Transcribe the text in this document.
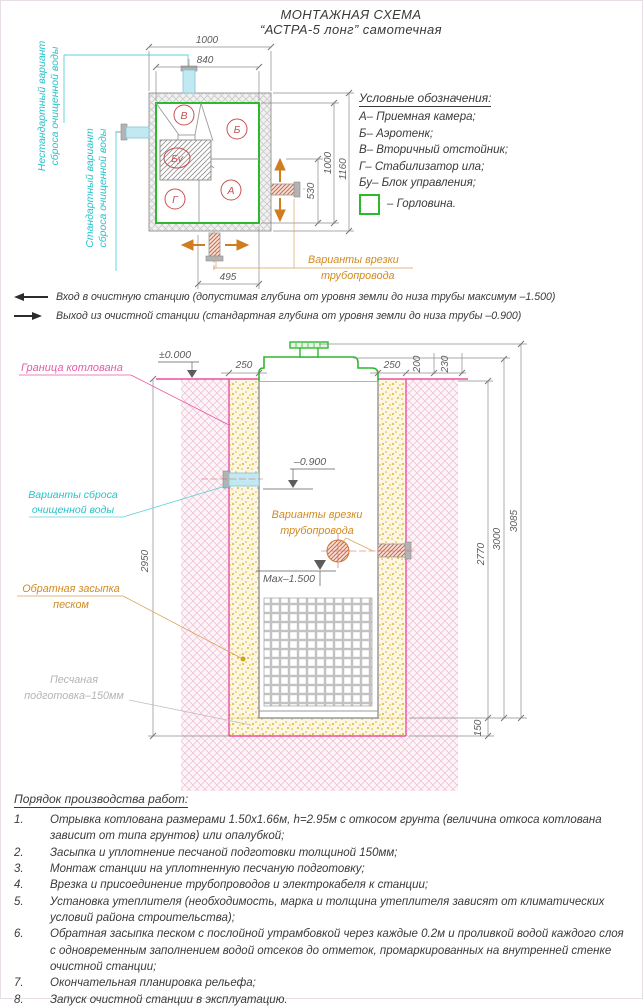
МОНТАЖНАЯ СХЕМА
“АСТРА-5 лонг” самотечная
Нестандартный вариант сброса очищенной воды
Стандартный вариант сброса очищенной воды
В
Б
Бу
Г
А
1000
840
1000 1160
530
495
Варианты врезки
трубопровода
Условные обозначения:
А– Приемная камера;
Б– Аэротенк;
В– Вторичный отстойник;
Г– Стабилизатор ила;
Бу– Блок управления;
– Горловина.
Вход в очистную станцию (допустимая глубина от уровня земли до низа трубы максимум –1.500)
Выход из очистной станции (стандартная глубина от уровня земли до низа трубы –0.900)
250	250 200 230
2950	2770
3000
3085
150
±0.000
–0.900
Max–1.500
Граница котлована
Варианты сброса
очищенной воды
Обратная засыпка
песком
Песчаная
подготовка–150мм
Варианты врезки
трубопровода
Порядок производства работ:
1.	Отрывка котлована размерами 1.50х1.66м, h=2.95м с откосом грунта (величина откоса котлована зависит от типа грунтов) или опалубкой;
2.	Засыпка и уплотнение песчаной подготовки толщиной 150мм;
3.	Монтаж станции на уплотненную песчаную подготовку;
4.	Врезка и присоединение трубопроводов и электрокабеля к станции;
5.	Установка утеплителя (необходимость, марка и толщина утеплителя зависят от климатических условий района строительства);
6.	Обратная засыпка песком с послойной утрамбовкой через каждые 0.2м и проливкой водой каждого слоя с одновременным заполнением водой отсеков до отметок, промаркированных на внутренней стенке очистной станции;
7.	Окончательная планировка рельефа;
8.	Запуск очистной станции в эксплуатацию.
